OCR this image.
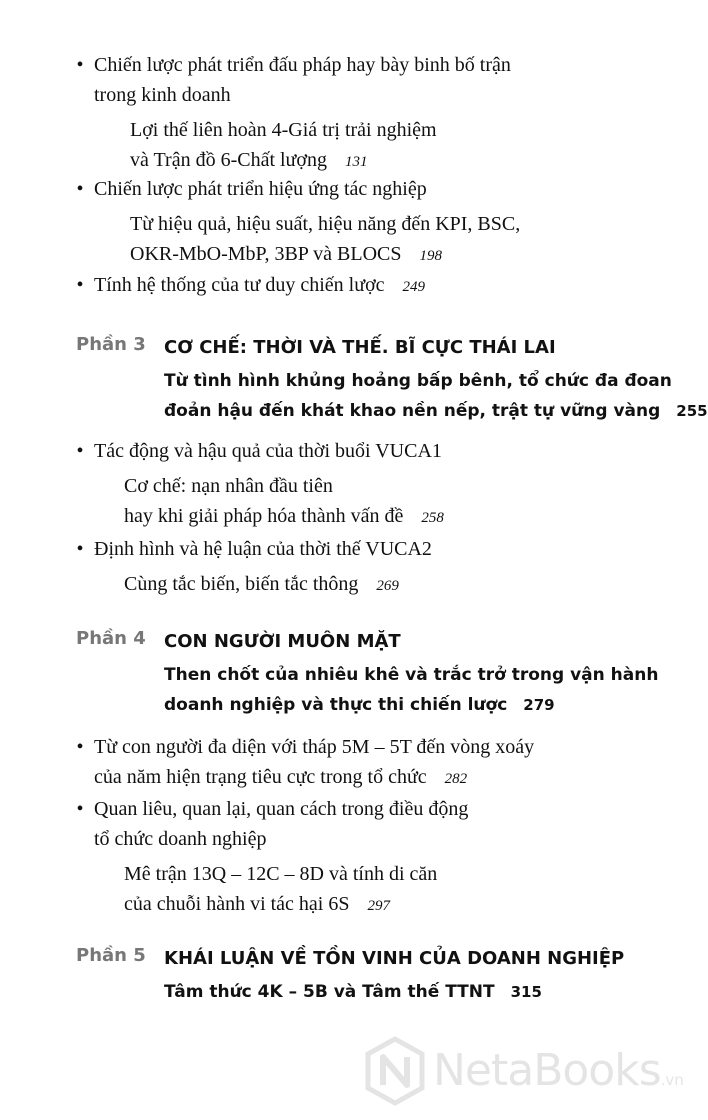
• Chiến lược phát triển đấu pháp hay bày binh bố trận
trong kinh doanh
Lợi thế liên hoàn 4-Giá trị trải nghiệm
và Trận đồ 6-Chất lượng 131
• Chiến lược phát triển hiệu ứng tác nghiệp
Từ hiệu quả, hiệu suất, hiệu năng đến KPI, BSC,
OKR-MbO-MbP, 3BP và BLOCS 198
• Tính hệ thống của tư duy chiến lược 249
Phần 3 CƠ CHẾ: THỜI VÀ THẾ. BĨ CỰC THÁI LAI
Từ tình hình khủng hoảng bấp bênh, tổ chức đa đoan
đoản hậu đến khát khao nền nếp, trật tự vững vàng 255
• Tác động và hậu quả của thời buổi VUCA1
Cơ chế: nạn nhân đầu tiên
hay khi giải pháp hóa thành vấn đề 258
• Định hình và hệ luận của thời thế VUCA2
Cùng tắc biến, biến tắc thông 269
Phần 4 CON NGƯỜI MUÔN MẶT
Then chốt của nhiêu khê và trắc trở trong vận hành
doanh nghiệp và thực thi chiến lược 279
• Từ con người đa diện với tháp 5M – 5T đến vòng xoáy
của năm hiện trạng tiêu cực trong tổ chức 282
• Quan liêu, quan lại, quan cách trong điều động
tổ chức doanh nghiệp
Mê trận 13Q – 12C – 8D và tính di căn
của chuỗi hành vi tác hại 6S 297
Phần 5 KHÁI LUẬN VỀ TỒN VINH CỦA DOANH NGHIỆP
Tâm thức 4K – 5B và Tâm thế TTNT 315
NetaBooks.vn
